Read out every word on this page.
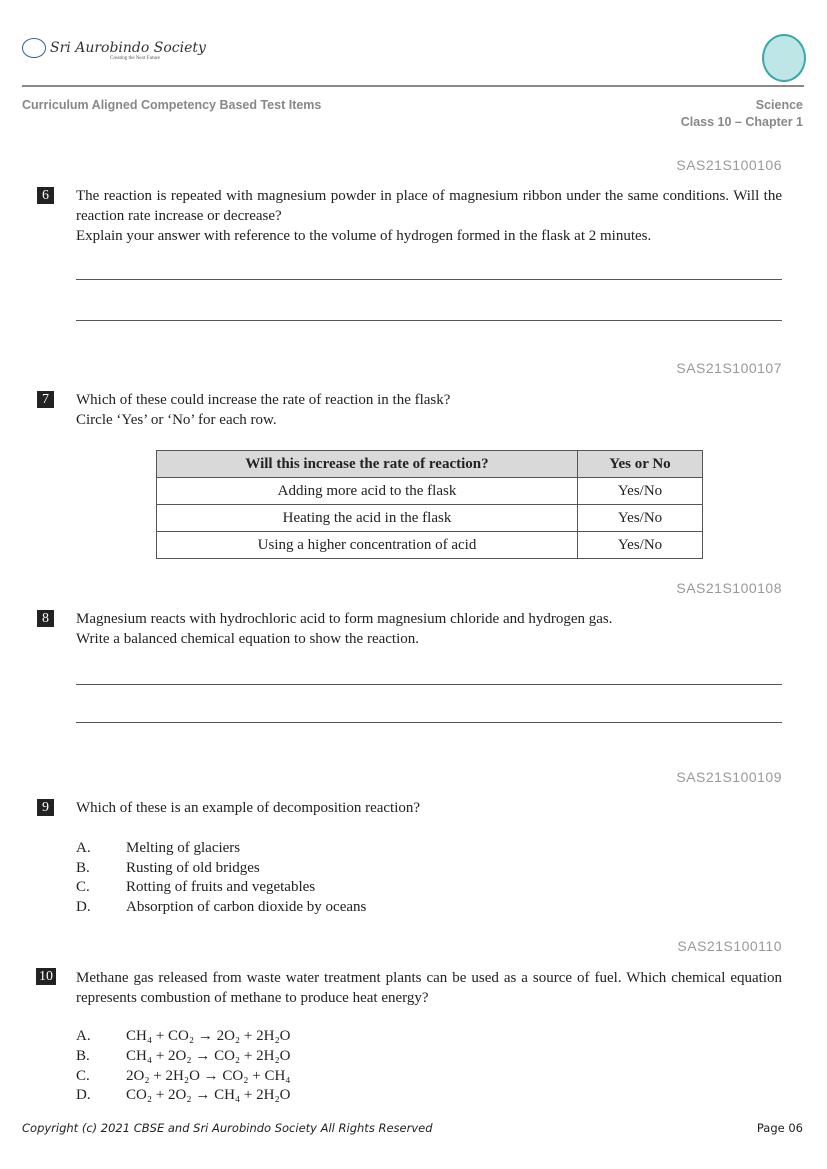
Sri Aurobindo Society
Creating the Next Future
Curriculum Aligned Competency Based Test Items	Science
Class 10 – Chapter 1
SAS21S100106
6	The reaction is repeated with magnesium powder in place of magnesium ribbon under the same conditions. Will the reaction rate increase or decrease?
Explain your answer with reference to the volume of hydrogen formed in the flask at 2 minutes.
SAS21S100107
7	Which of these could increase the rate of reaction in the flask?
Circle ‘Yes’ or ‘No’ for each row.
Will this increase the rate of reaction?	Yes or No
Adding more acid to the flask	Yes/No
Heating the acid in the flask	Yes/No
Using a higher concentration of acid	Yes/No
SAS21S100108
8	Magnesium reacts with hydrochloric acid to form magnesium chloride and hydrogen gas.
Write a balanced chemical equation to show the reaction.
SAS21S100109
9	Which of these is an example of decomposition reaction?
A. Melting of glaciers
B. Rusting of old bridges
C. Rotting of fruits and vegetables
D. Absorption of carbon dioxide by oceans
SAS21S100110
10 Methane gas released from waste water treatment plants can be used as a source of fuel. Which chemical equation represents combustion of methane to produce heat energy?
A. CH₄ + CO₂ → 2O₂ + 2H₂O
B. CH₄ + 2O₂ → CO₂ + 2H₂O
C. 2O₂ + 2H₂O → CO₂ + CH₄
D. CO₂ + 2O₂ → CH₄ + 2H₂O
Copyright (c) 2021 CBSE and Sri Aurobindo Society All Rights Reserved	Page 06
